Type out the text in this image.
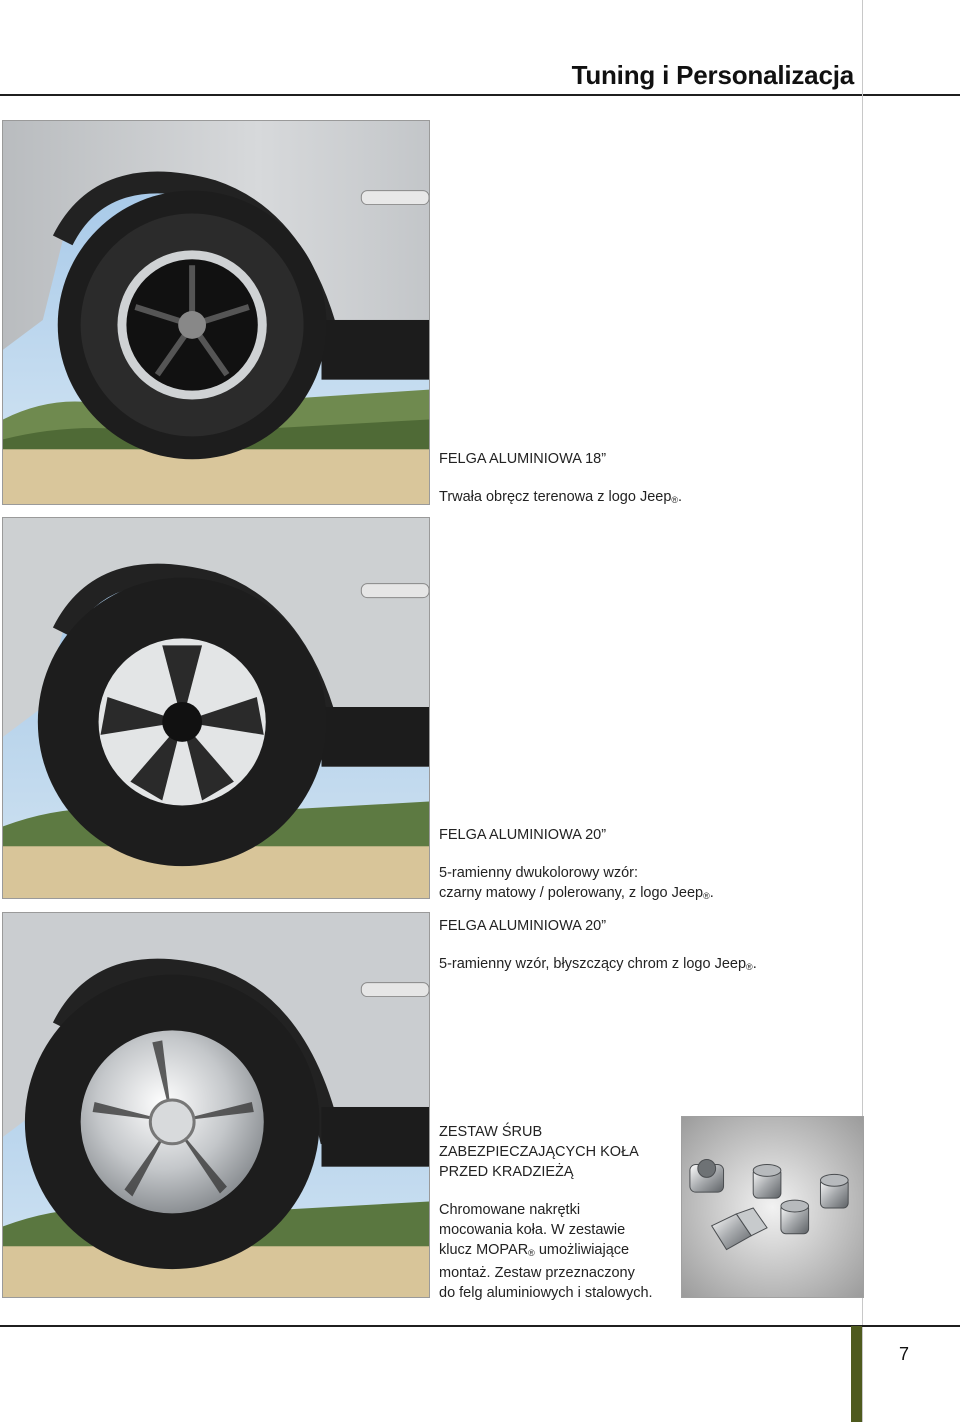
Tuning i Personalizacja
FELGA ALUMINIOWA 18”
Trwała obręcz terenowa z logo Jeep®.
FELGA ALUMINIOWA 20”
5-ramienny dwukolorowy wzór:
czarny matowy / polerowany, z logo Jeep®.
FELGA ALUMINIOWA 20”
5-ramienny wzór, błyszczący chrom z logo Jeep®.
ZESTAW ŚRUB
ZABEZPIECZAJĄCYCH KOŁA
PRZED KRADZIEŻĄ
Chromowane nakrętki
mocowania koła. W zestawie
klucz MOPAR® umożliwiające
montaż. Zestaw przeznaczony
do felg aluminiowych i stalowych.
7
